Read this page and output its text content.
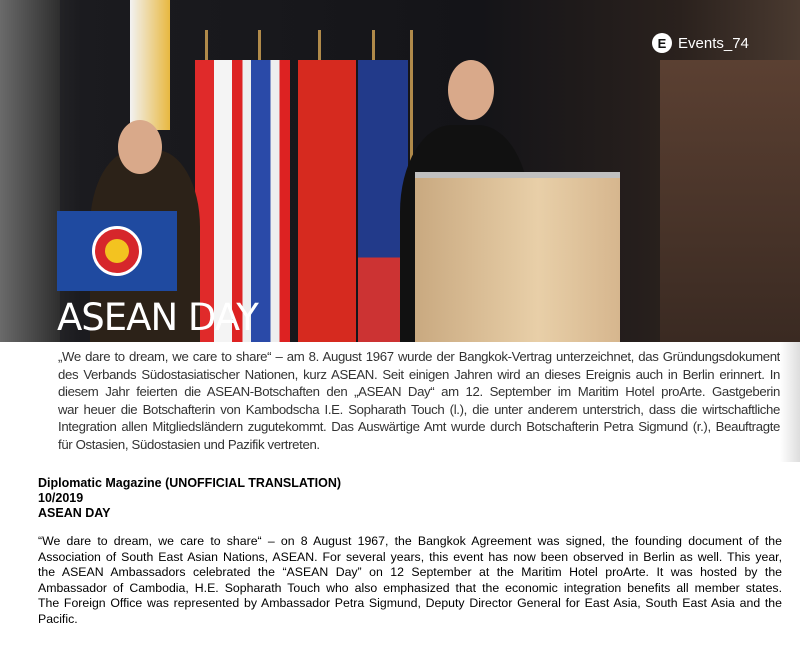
ASEAN DAY
E Events_74
„We dare to dream, we care to share“ – am 8. August 1967 wurde der Bangkok-Vertrag unterzeichnet, das Gründungsdokument
des Verbands Südostasiatischer Nationen, kurz ASEAN. Seit einigen Jahren wird an dieses Ereignis auch in Berlin erinnert. In
diesem Jahr feierten die ASEAN-Botschaften den „ASEAN Day“ am 12. September im Maritim Hotel proArte. Gastgeberin
war heuer die Botschafterin von Kambodscha I.E. Sopharath Touch (l.), die unter anderem unterstrich, dass die wirtschaftliche
Integration allen Mitgliedsländern zugutekommt. Das Auswärtige Amt wurde durch Botschafterin Petra Sigmund (r.), Beauftragte
für Ostasien, Südostasien und Pazifik vertreten.
Diplomatic Magazine (UNOFFICIAL TRANSLATION)
10/2019
ASEAN DAY
“We dare to dream, we care to share“ – on 8 August 1967, the Bangkok Agreement was signed, the founding document of the
Association of South East Asian Nations, ASEAN. For several years, this event has now been observed in Berlin as well. This year,
the ASEAN Ambassadors celebrated the “ASEAN Day” on 12 September at the Maritim Hotel proArte. It was hosted by the
Ambassador of Cambodia, H.E. Sopharath Touch who also emphasized that the economic integration benefits all member states.
The Foreign Office was represented by Ambassador Petra Sigmund, Deputy Director General for East Asia, South East Asia and the
Pacific.
